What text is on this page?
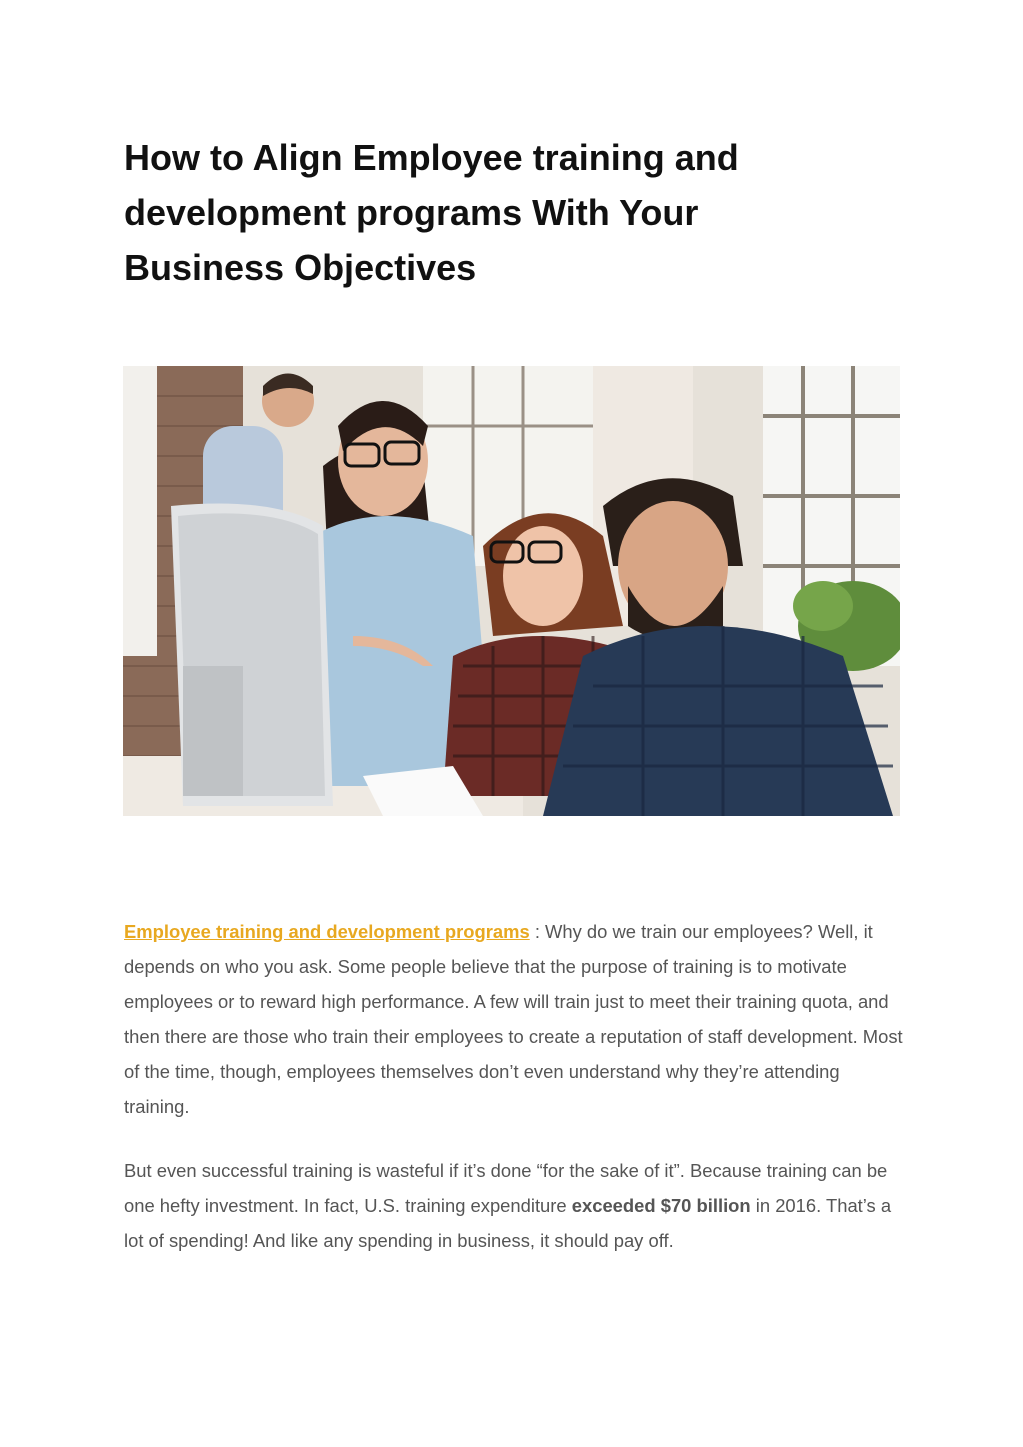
How to Align Employee training and
development programs With Your
Business Objectives

Employee training and development programs : Why do we train our employees? Well, it depends on who you ask. Some people believe that the purpose of training is to motivate employees or to reward high performance. A few will train just to meet their training quota, and then there are those who train their employees to create a reputation of staff development. Most of the time, though, employees themselves don’t even understand why they’re attending training.

But even successful training is wasteful if it’s done “for the sake of it”. Because training can be one hefty investment. In fact, U.S. training expenditure exceeded $70 billion in 2016. That’s a lot of spending! And like any spending in business, it should pay off.
